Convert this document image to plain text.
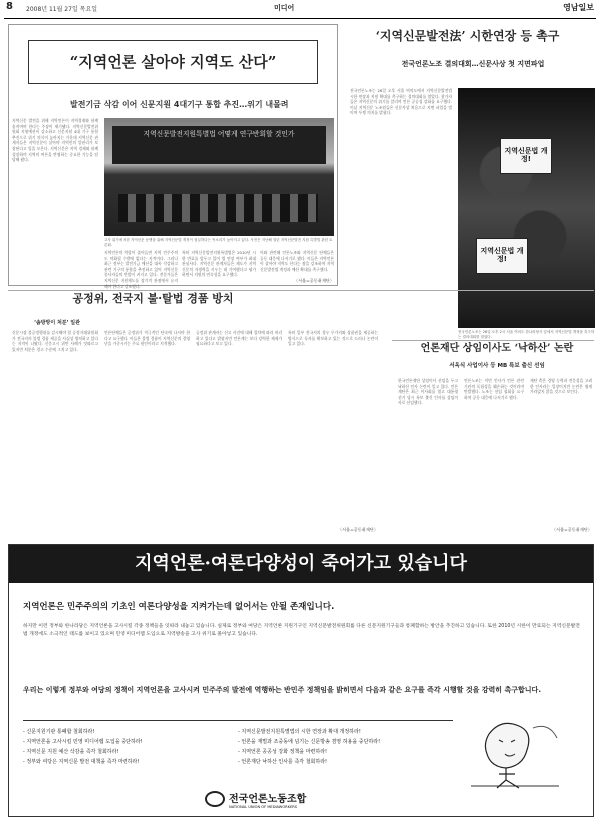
8 2008년 11월 27일 목요일	미디어	영남일보
“지역언론 살아야 지역도 산다”
발전기금 삭감 이어 신문지원 4대기구 통합 추진…위기 내몰려
지역신문 발전을 위해 지역언론이 지역경제와 함께 움직여야 한다는 주장이 제기됐다. 지역신문발전위원회 지원예산이 감소하고 신문지원 4대 기구 통합 추진으로 위기 의식이 높아지는 가운데 지역신문 관계자들은 지역신문이 살아야 지역민의 알권리가 보장된다고 입을 모은다. 지역신문은 지역 경제와 함께 성장하며 지역의 여론을 반영하는 중요한 기능을 담당해 왔다.
지역신문발전지원특별법 어떻게 연구반회할 것인가
고사 위기에 처한 지역신문 동맹을 위해 지역신문법 개정이 절실하다는 목소리가 높아지고 있다. 사진은 지난해 열린 지역신문발전 지원 특별법 관련 토론회.
지역언론의 역할이 줄어들면 지역 민주주의도 약화될 수밖에 없다는 지적이다. 그러나 최근 정부는 발전기금 예산을 대폭 삭감하고 관련 기구의 통합을 추진하고 있어 지역신문 종사자들의 반발이 커지고 있다. 전문가들은 지역신문 지원제도를 장기적 관점에서 유지해야 한다고 강조했다.
특히 지역신문발전지원특별법은 2010년 시한 만료를 앞두고 있어 법 연장 여부가 최대 관심사다. 지역신문 관계자들은 제도가 지역신문의 자생력을 키우는 데 기여했다고 평가하면서 지원의 연속성을 요구했다.
이와 관련해 언론노조와 지역신문 단체들은 공동 대응에 나서기로 했다. 이들은 지역언론이 살아야 지역도 산다는 점을 강조하며 지역신문발전법 개정과 예산 확대를 촉구했다.
〈서울=공동취재단〉
‘지역신문발전法’ 시한연장 등 촉구
전국언론노조 결의대회…신문사상 첫 지면파업
전국언론노조는 26일 오후 서울 여의도에서 지역신문발전법 시한 연장과 지원 확대를 촉구하는 결의대회를 열었다. 참가자들은 지역신문의 위기를 알리며 언론 공공성 강화를 요구했다. 이날 지역신문 노조원들은 신문사상 처음으로 지면 파업을 벌이며 투쟁 의지를 밝혔다.
지역신문법 개정!
지역신문법 개정!
전국언론노조는 26일 오후 2시 서울 여의도 한나라당사 앞에서 지역신문법 개정을 촉구하는 결의대회를 열었다.
공정위, 전국지 불·탈법 경품 방치
‘솜방망이 처분’ 일관
신문시장 불공정행위를 감시해야 할 공정거래위원회가 전국지의 불법 경품 제공을 사실상 방치하고 있다는 지적이 나왔다. 신문고시 위반 사례가 잇따르고 있지만 처분은 경고 수준에 그치고 있다.
언론단체들은 공정위가 적극적인 단속에 나서야 한다고 요구했다. 이들은 불법 경품이 지역신문의 경영난을 가중시키는 주요 원인이라고 지적했다.
공정위 관계자는 신고 사건에 대해 절차에 따라 처리하고 있다고 밝혔지만 언론계는 보다 강력한 제재가 필요하다고 보고 있다.
특히 일부 전국지의 경우 무가지와 상품권을 제공하는 방식으로 독자를 확보하고 있는 것으로 드러나 논란이 일고 있다.
〈서울=공동취재단〉
언론재단 상임이사도 ‘낙하산’ 논란
서옥식 사업이사 등 MB 특보 출신 선임
한국언론재단 상임이사 선임을 두고 낙하산 인사 논란이 일고 있다. 언론재단은 최근 이사회를 열고 대통령 선거 당시 특보 출신 인사를 상임이사로 선임했다.
언론노조는 이번 인사가 언론 관련 기관의 독립성을 훼손하는 것이라며 반발했다. 노조는 선임 철회를 요구하며 공동 대응에 나서기로 했다.
재단 측은 경영 능력과 전문성을 고려한 인사라는 입장이지만 논란은 쉽게 가라앉지 않을 것으로 보인다.
〈서울=공동취재단〉
지역언론·여론다양성이 죽어가고 있습니다
지역언론은 민주주의의 기초인 여론다양성을 지켜가는데 없어서는 안될 존재입니다.
하지만 이런 정부와 한나라당은 지역언론을 고사시킬 각종 정책들을 잇따라 내놓고 있습니다. 실제로 정부와 여당은 지역언론 지원기구인 지역신문발전위원회를 다른 신문지원기구들과 통폐합하는 방안을 추진하고 있습니다. 또한 2010년 시한이 만료되는 지역신문발전법 개정에도 소극적인 태도를 보이고 있으며 민영 미디어렙 도입으로 지역방송을 고사 위기로 몰아넣고 있습니다.
우리는 이렇게 정부와 여당의 정책이 지역언론을 고사시켜 민주주의 발전에 역행하는 반민주 정책임을 밝히면서 다음과 같은 요구를 즉각 시행할 것을 강력히 촉구합니다.
- 신문지원기관 통폐합 철회하라!	- 지역신문발전지원특별법의 시한 연장과 확대 개정하라!
- 지역언론을 고사시킬 민영 미디어렙 도입을 중단하라!	- 언론을 재벌과 조중동에 넘기는 신문방송 겸영 허용을 중단하라!
- 지역신문 지원 예산 삭감을 즉각 철회하라!	- 지역언론 공공성 강화 정책을 마련하라!
- 정부와 여당은 지역신문 발전 대책을 즉각 마련하라!	- 언론재단 낙하산 인사를 즉각 철회하라!
전국언론노동조합
NATIONAL UNION OF MEDIAWORKERS
